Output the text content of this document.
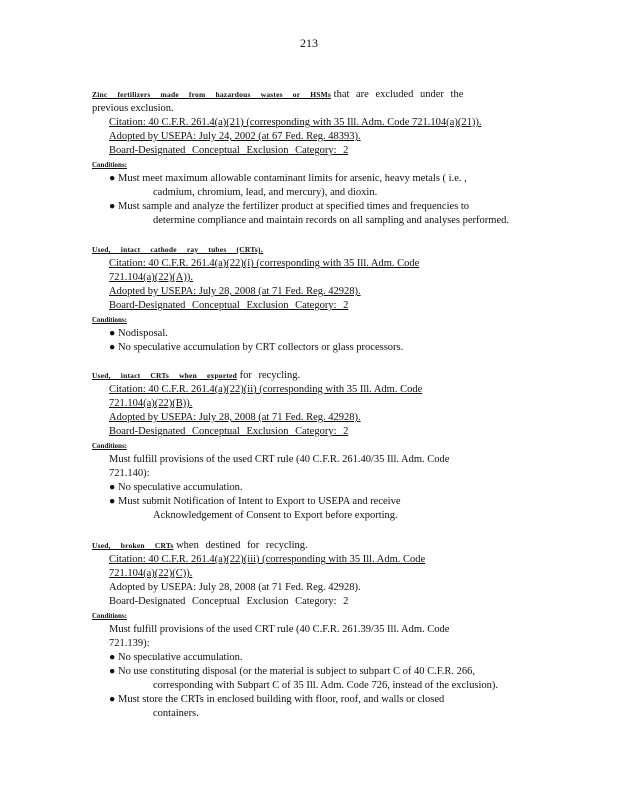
213
Zinc fertilizers made from hazardous wastes or HSMs that are excluded under the
previous exclusion.
Citation: 40 C.F.R. 261.4(a)(21) (corresponding with 35 Ill. Adm. Code 721.104(a)(21)).
Adopted by USEPA: July 24, 2002 (at 67 Fed. Reg. 48393).
Board-Designated Conceptual Exclusion Category: 2
Conditions:
● Must meet maximum allowable contaminant limits for arsenic, heavy metals ( i.e. ,
cadmium, chromium, lead, and mercury), and dioxin.
● Must sample and analyze the fertilizer product at specified times and frequencies to
determine compliance and maintain records on all sampling and analyses performed.
Used, intact cathode ray tubes (CRTs).
Citation: 40 C.F.R. 261.4(a)(22)(i) (corresponding with 35 Ill. Adm. Code
721.104(a)(22)(A)).
Adopted by USEPA: July 28, 2008 (at 71 Fed. Reg. 42928).
Board-Designated Conceptual Exclusion Category: 2
Conditions:
● Nodisposal.
● No speculative accumulation by CRT collectors or glass processors.
Used, intact CRTs when exported for recycling.
Citation: 40 C.F.R. 261.4(a)(22)(ii) (corresponding with 35 Ill. Adm. Code
721.104(a)(22)(B)).
Adopted by USEPA: July 28, 2008 (at 71 Fed. Reg. 42928).
Board-Designated Conceptual Exclusion Category: 2
Conditions:
Must fulfill provisions of the used CRT rule (40 C.F.R. 261.40/35 Ill. Adm. Code
721.140):
● No speculative accumulation.
● Must submit Notification of Intent to Export to USEPA and receive
Acknowledgement of Consent to Export before exporting.
Used, broken CRTs when destined for recycling.
Citation: 40 C.F.R. 261.4(a)(22)(iii) (corresponding with 35 Ill. Adm. Code
721.104(a)(22)(C)).
Adopted by USEPA: July 28, 2008 (at 71 Fed. Reg. 42928).
Board-Designated Conceptual Exclusion Category: 2
Conditions:
Must fulfill provisions of the used CRT rule (40 C.F.R. 261.39/35 Ill. Adm. Code
721.139):
● No speculative accumulation.
● No use constituting disposal (or the material is subject to subpart C of 40 C.F.R. 266,
corresponding with Subpart C of 35 Ill. Adm. Code 726, instead of the exclusion).
● Must store the CRTs in enclosed building with floor, roof, and walls or closed
containers.
